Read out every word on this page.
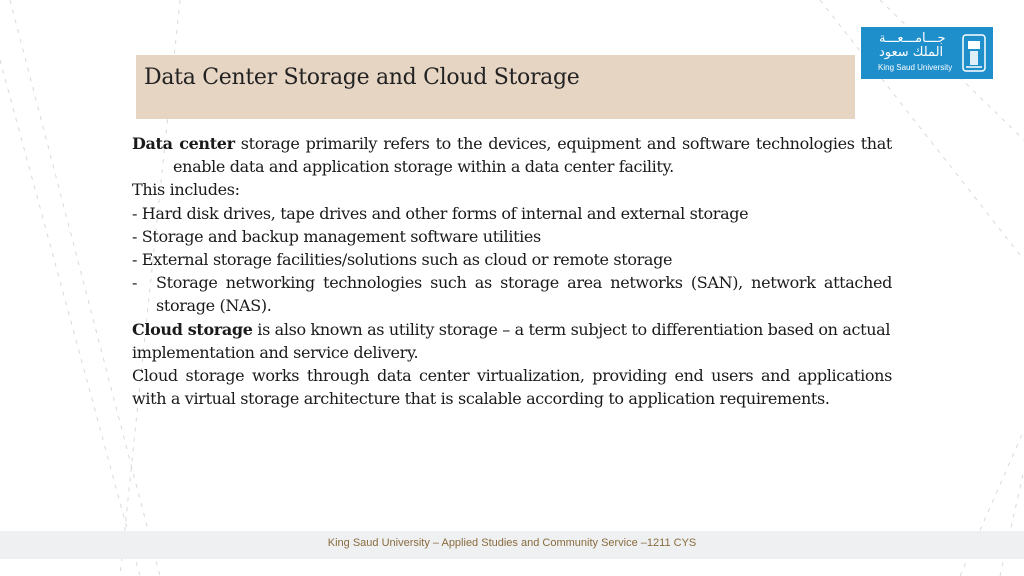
Data Center Storage and Cloud Storage
جـــامـــعـــة
الملك سعود
King Saud University

Data center storage primarily refers to the devices, equipment and software technologies that enable data and application storage within a data center facility.

This includes:

- Hard disk drives, tape drives and other forms of internal and external storage

- Storage and backup management software utilities

- External storage facilities/solutions such as cloud or remote storage

- Storage networking technologies such as storage area networks (SAN), network attached storage (NAS).

Cloud storage is also known as utility storage – a term subject to differentiation based on actual implementation and service delivery.

Cloud storage works through data center virtualization, providing end users and applications with a virtual storage architecture that is scalable according to application requirements.

King Saud University – Applied Studies and Community Service –1211 CYS
